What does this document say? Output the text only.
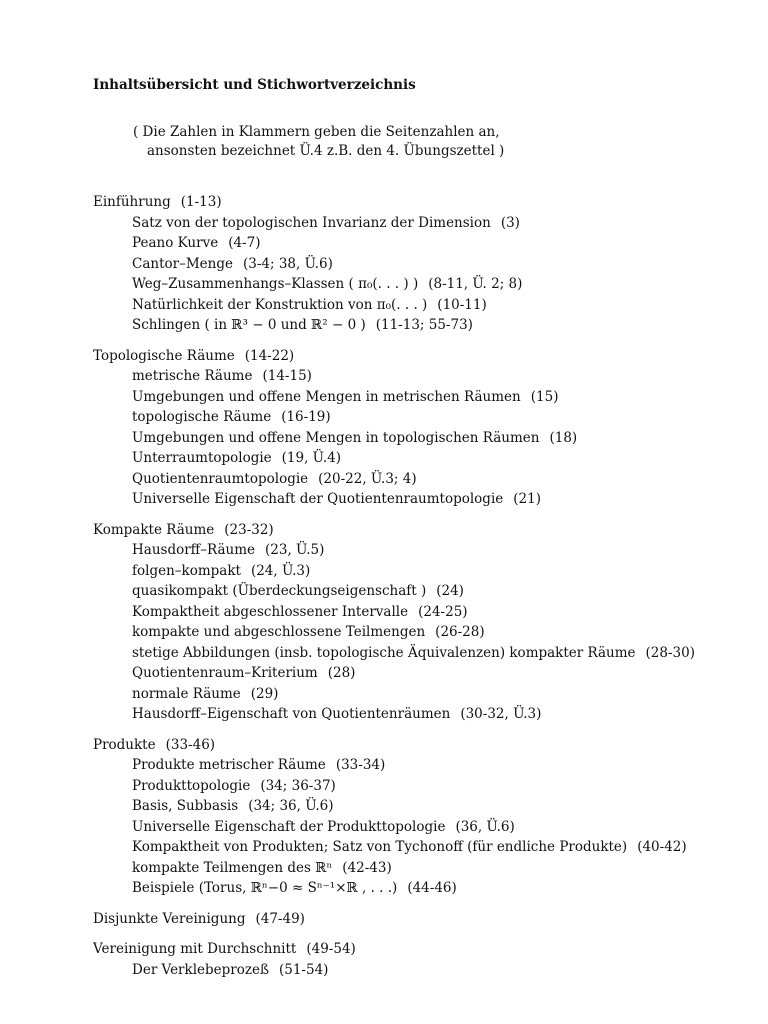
Inhaltsübersicht und Stichwortverzeichnis
( Die Zahlen in Klammern geben die Seitenzahlen an,
ansonsten bezeichnet Ü.4 z.B. den 4. Übungszettel )
Einführung (1-13)
Satz von der topologischen Invarianz der Dimension (3)
Peano Kurve (4-7)
Cantor–Menge (3-4; 38, Ü.6)
Weg–Zusammenhangs–Klassen ( π₀(. . . ) ) (8-11, Ü. 2; 8)
Natürlichkeit der Konstruktion von π₀(. . . ) (10-11)
Schlingen ( in ℝ³ − 0 und ℝ² − 0 ) (11-13; 55-73)
Topologische Räume (14-22)
metrische Räume (14-15)
Umgebungen und offene Mengen in metrischen Räumen (15)
topologische Räume (16-19)
Umgebungen und offene Mengen in topologischen Räumen (18)
Unterraumtopologie (19, Ü.4)
Quotientenraumtopologie (20-22, Ü.3; 4)
Universelle Eigenschaft der Quotientenraumtopologie (21)
Kompakte Räume (23-32)
Hausdorff–Räume (23, Ü.5)
folgen–kompakt (24, Ü.3)
quasikompakt (Überdeckungseigenschaft ) (24)
Kompaktheit abgeschlossener Intervalle (24-25)
kompakte und abgeschlossene Teilmengen (26-28)
stetige Abbildungen (insb. topologische Äquivalenzen) kompakter Räume (28-30)
Quotientenraum–Kriterium (28)
normale Räume (29)
Hausdorff–Eigenschaft von Quotientenräumen (30-32, Ü.3)
Produkte (33-46)
Produkte metrischer Räume (33-34)
Produkttopologie (34; 36-37)
Basis, Subbasis (34; 36, Ü.6)
Universelle Eigenschaft der Produkttopologie (36, Ü.6)
Kompaktheit von Produkten; Satz von Tychonoff (für endliche Produkte) (40-42)
kompakte Teilmengen des ℝⁿ (42-43)
Beispiele (Torus, ℝⁿ−0 ≈ Sⁿ⁻¹×ℝ , . . .) (44-46)
Disjunkte Vereinigung (47-49)
Vereinigung mit Durchschnitt (49-54)
Der Verklebeprozeß (51-54)
